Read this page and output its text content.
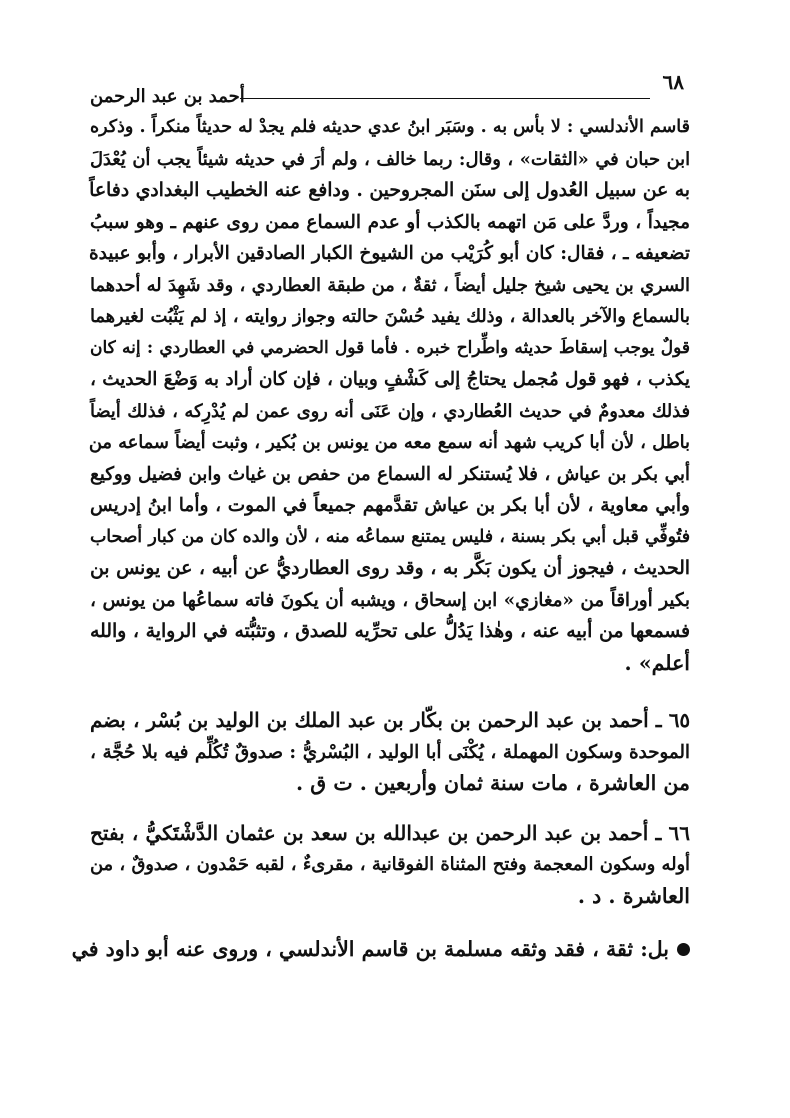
أحمد بن عبد الرحمن
٦٨
قاسم الأندلسي : لا بأس به . وسَبَر ابنُ عدي حديثه فلم يجدْ له حديثاً منكراً . وذكره
ابن حبان في «الثقات» ، وقال: ربما خالف ، ولم أرَ في حديثه شيئاً يجب أن يُعْدَلَ
به عن سبيل العُدول إلى سنَن المجروحين . ودافع عنه الخطيب البغدادي دفاعاً
مجيداً ، وردَّ على مَن اتهمه بالكذب أو عدم السماع ممن روى عنهم ـ وهو سببُ
تضعيفه ـ ، فقال: كان أبو كُرَيْب من الشيوخ الكبار الصادقين الأبرار ، وأبو عبيدة
السري بن يحيى شيخ جليل أيضاً ، ثقةٌ ، من طبقة العطاردي ، وقد شَهِدَ له أحدهما
بالسماع والآخر بالعدالة ، وذلك يفيد حُسْنَ حالته وجواز روايته ، إذ لم يَثْبُت لغيرهما
قولٌ يوجب إسقاطَ حديثه واطِّراح خبره . فأما قول الحضرمي في العطاردي : إنه كان
يكذب ، فهو قول مُجمل يحتاجُ إلى كَشْفٍ وبيان ، فإن كان أراد به وَضْعَ الحديث ،
فذلك معدومٌ في حديث العُطاردي ، وإن عَنَى أنه روى عمن لم يُدْرِكه ، فذلك أيضاً
باطل ، لأن أبا كريب شهد أنه سمع معه من يونس بن بُكير ، وثبت أيضاً سماعه من
أبي بكر بن عياش ، فلا يُستنكر له السماع من حفص بن غياث وابن فضيل ووكيع
وأبي معاوية ، لأن أبا بكر بن عياش تقدَّمهم جميعاً في الموت ، وأما ابنُ إدريس
فتُوفِّي قبل أبي بكر بسنة ، فليس يمتنع سماعُه منه ، لأن والده كان من كبار أصحاب
الحديث ، فيجوز أن يكون بَكَّر به ، وقد روى العطارديُّ عن أبيه ، عن يونس بن
بكير أوراقاً من «مغازي» ابن إسحاق ، ويشبه أن يكونَ فاته سماعُها من يونس ،
فسمعها من أبيه عنه ، وهٰذا يَدُلُّ على تحرِّيه للصدق ، وتثبُّته في الرواية ، والله
أعلم» .
٦٥ ـ أحمد بن عبد الرحمن بن بكّار بن عبد الملك بن الوليد بن بُسْر ، بضم
الموحدة وسكون المهملة ، يُكْنَى أبا الوليد ، البُسْريُّ : صدوقٌ تُكُلِّم فيه بلا حُجَّة ،
من العاشرة ، مات سنة ثمان وأربعين . ت ق .
٦٦ ـ أحمد بن عبد الرحمن بن عبدالله بن سعد بن عثمان الدَّشْتَكيُّ ، بفتح
أوله وسكون المعجمة وفتح المثناة الفوقانية ، مقرىءٌ ، لقبه حَمْدون ، صدوقٌ ، من
العاشرة . د .
بل: ثقة ، فقد وثقه مسلمة بن قاسم الأندلسي ، وروى عنه أبو داود في
